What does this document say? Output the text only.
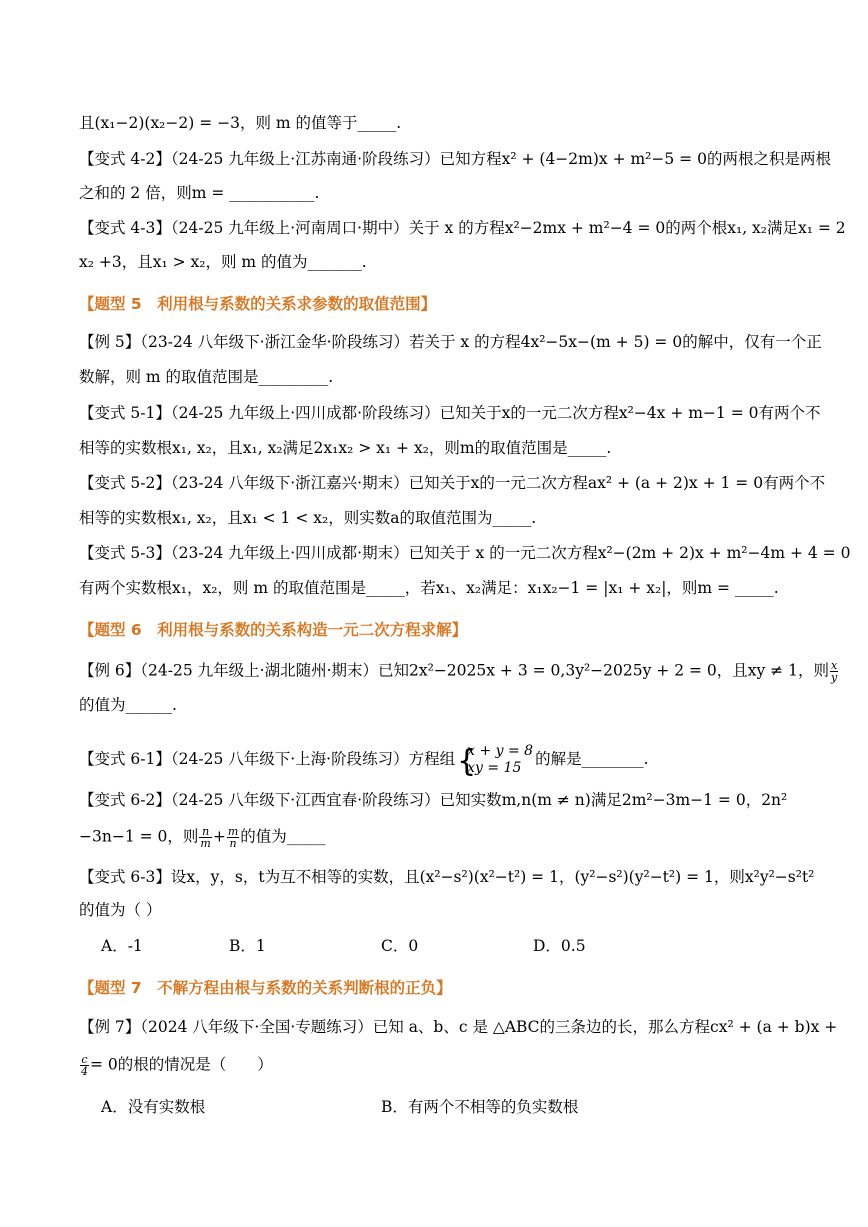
且(x₁−2)(x₂−2) = −3，则 m 的值等于_____.
【变式 4-2】（24-25 九年级上·江苏南通·阶段练习）已知方程x² + (4−2m)x + m²−5 = 0的两根之积是两根
之和的 2 倍，则m = ___________.
【变式 4-3】（24-25 九年级上·河南周口·期中）关于 x 的方程x²−2mx + m²−4 = 0的两个根x₁, x₂满足x₁ = 2
x₂ +3，且x₁ > x₂，则 m 的值为_______.
【题型 5　利用根与系数的关系求参数的取值范围】
【例 5】（23-24 八年级下·浙江金华·阶段练习）若关于 x 的方程4x²−5x−(m + 5) = 0的解中，仅有一个正
数解，则 m 的取值范围是_________.
【变式 5-1】（24-25 九年级上·四川成都·阶段练习）已知关于x的一元二次方程x²−4x + m−1 = 0有两个不
相等的实数根x₁, x₂，且x₁, x₂满足2x₁x₂ > x₁ + x₂，则m的取值范围是_____.
【变式 5-2】（23-24 八年级下·浙江嘉兴·期末）已知关于x的一元二次方程ax² + (a + 2)x + 1 = 0有两个不
相等的实数根x₁, x₂，且x₁ < 1 < x₂，则实数a的取值范围为_____.
【变式 5-3】（23-24 九年级上·四川成都·期末）已知关于 x 的一元二次方程x²−(2m + 2)x + m²−4m + 4 = 0
有两个实数根x₁，x₂，则 m 的取值范围是_____，若x₁、x₂满足：x₁x₂−1 = |x₁ + x₂|，则m = _____.
【题型 6　利用根与系数的关系构造一元二次方程求解】
【例 6】（24-25 九年级上·湖北随州·期末）已知2x²−2025x + 3 = 0,3y²−2025y + 2 = 0，且xy ≠ 1，则 $\frac{x}{y}$
的值为______.
【变式 6-1】（24-25 八年级下·上海·阶段练习）方程组 {
x + y = 8
xy = 15 的解是________.
【变式 6-2】（24-25 八年级下·江西宜春·阶段练习）已知实数m,n(m ≠ n)满足2m²−3m−1 = 0，2n²
−3n−1 = 0，则 $\frac{n}{m} + \frac{m}{n}$ 的值为_____
【变式 6-3】设x，y，s，t为互不相等的实数，且(x²−s²)(x²−t²) = 1，(y²−s²)(y²−t²) = 1，则x²y²−s²t²
的值为（ ）
A．-1	B．1	C．0	D．0.5
【题型 7　不解方程由根与系数的关系判断根的正负】
【例 7】（2024 八年级下·全国·专题练习）已知 a、b、c 是 △ABC的三条边的长，那么方程cx² + (a + b)x +
$\frac{c}{4} = 0$的根的情况是（　　）
A．没有实数根	B．有两个不相等的负实数根
